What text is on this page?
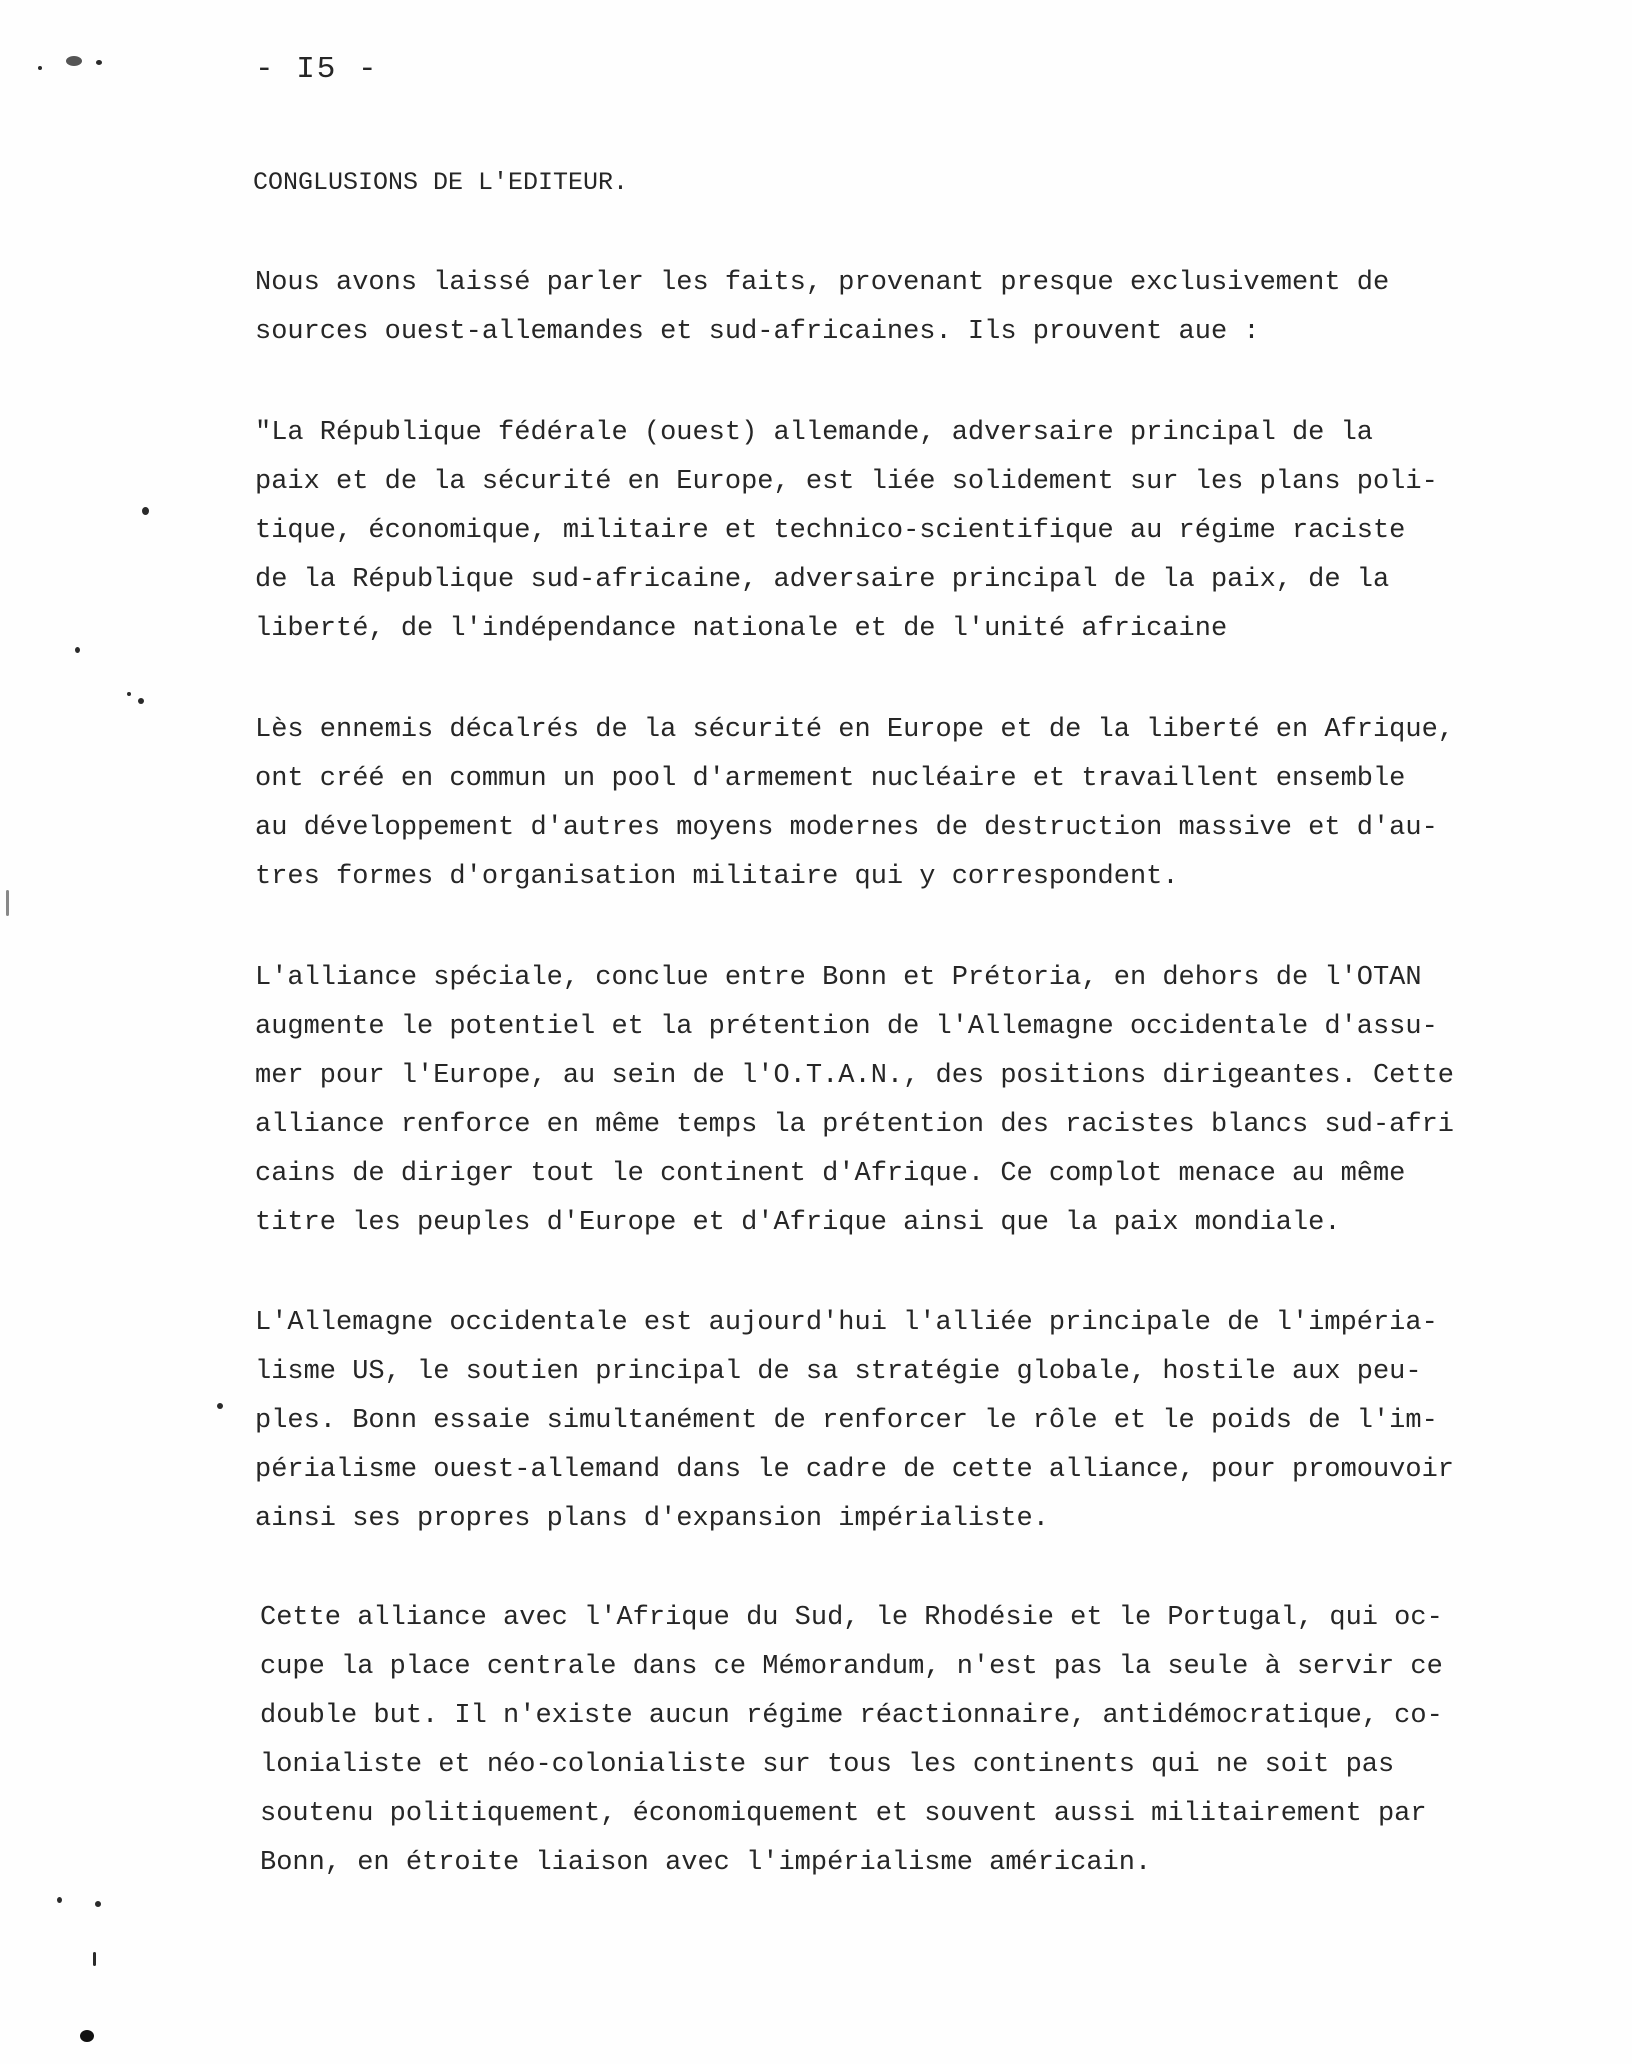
- I5 -
CONGLUSIONS DE L'EDITEUR.
Nous avons laissé parler les faits, provenant presque exclusivement de
sources ouest-allemandes et sud-africaines. Ils prouvent aue :
"La République fédérale (ouest) allemande, adversaire principal de la
paix et de la sécurité en Europe, est liée solidement sur les plans poli-
tique, économique, militaire et technico-scientifique au régime raciste
de la République sud-africaine, adversaire principal de la paix, de la
liberté, de l'indépendance nationale et de l'unité africaine
Lès ennemis décalrés de la sécurité en Europe et de la liberté en Afrique,
ont créé en commun un pool d'armement nucléaire et travaillent ensemble
au développement d'autres moyens modernes de destruction massive et d'au-
tres formes d'organisation militaire qui y correspondent.
L'alliance spéciale, conclue entre Bonn et Prétoria, en dehors de l'OTAN
augmente le potentiel et la prétention de l'Allemagne occidentale d'assu-
mer pour l'Europe, au sein de l'O.T.A.N., des positions dirigeantes. Cette
alliance renforce en même temps la prétention des racistes blancs sud-afri
cains de diriger tout le continent d'Afrique. Ce complot menace au même
titre les peuples d'Europe et d'Afrique ainsi que la paix mondiale.
L'Allemagne occidentale est aujourd'hui l'alliée principale de l'impéria-
lisme US, le soutien principal de sa stratégie globale, hostile aux peu-
ples. Bonn essaie simultanément de renforcer le rôle et le poids de l'im-
périalisme ouest-allemand dans le cadre de cette alliance, pour promouvoir
ainsi ses propres plans d'expansion impérialiste.
Cette alliance avec l'Afrique du Sud, le Rhodésie et le Portugal, qui oc-
cupe la place centrale dans ce Mémorandum, n'est pas la seule à servir ce
double but. Il n'existe aucun régime réactionnaire, antidémocratique, co-
lonialiste et néo-colonialiste sur tous les continents qui ne soit pas
soutenu politiquement, économiquement et souvent aussi militairement par
Bonn, en étroite liaison avec l'impérialisme américain.
